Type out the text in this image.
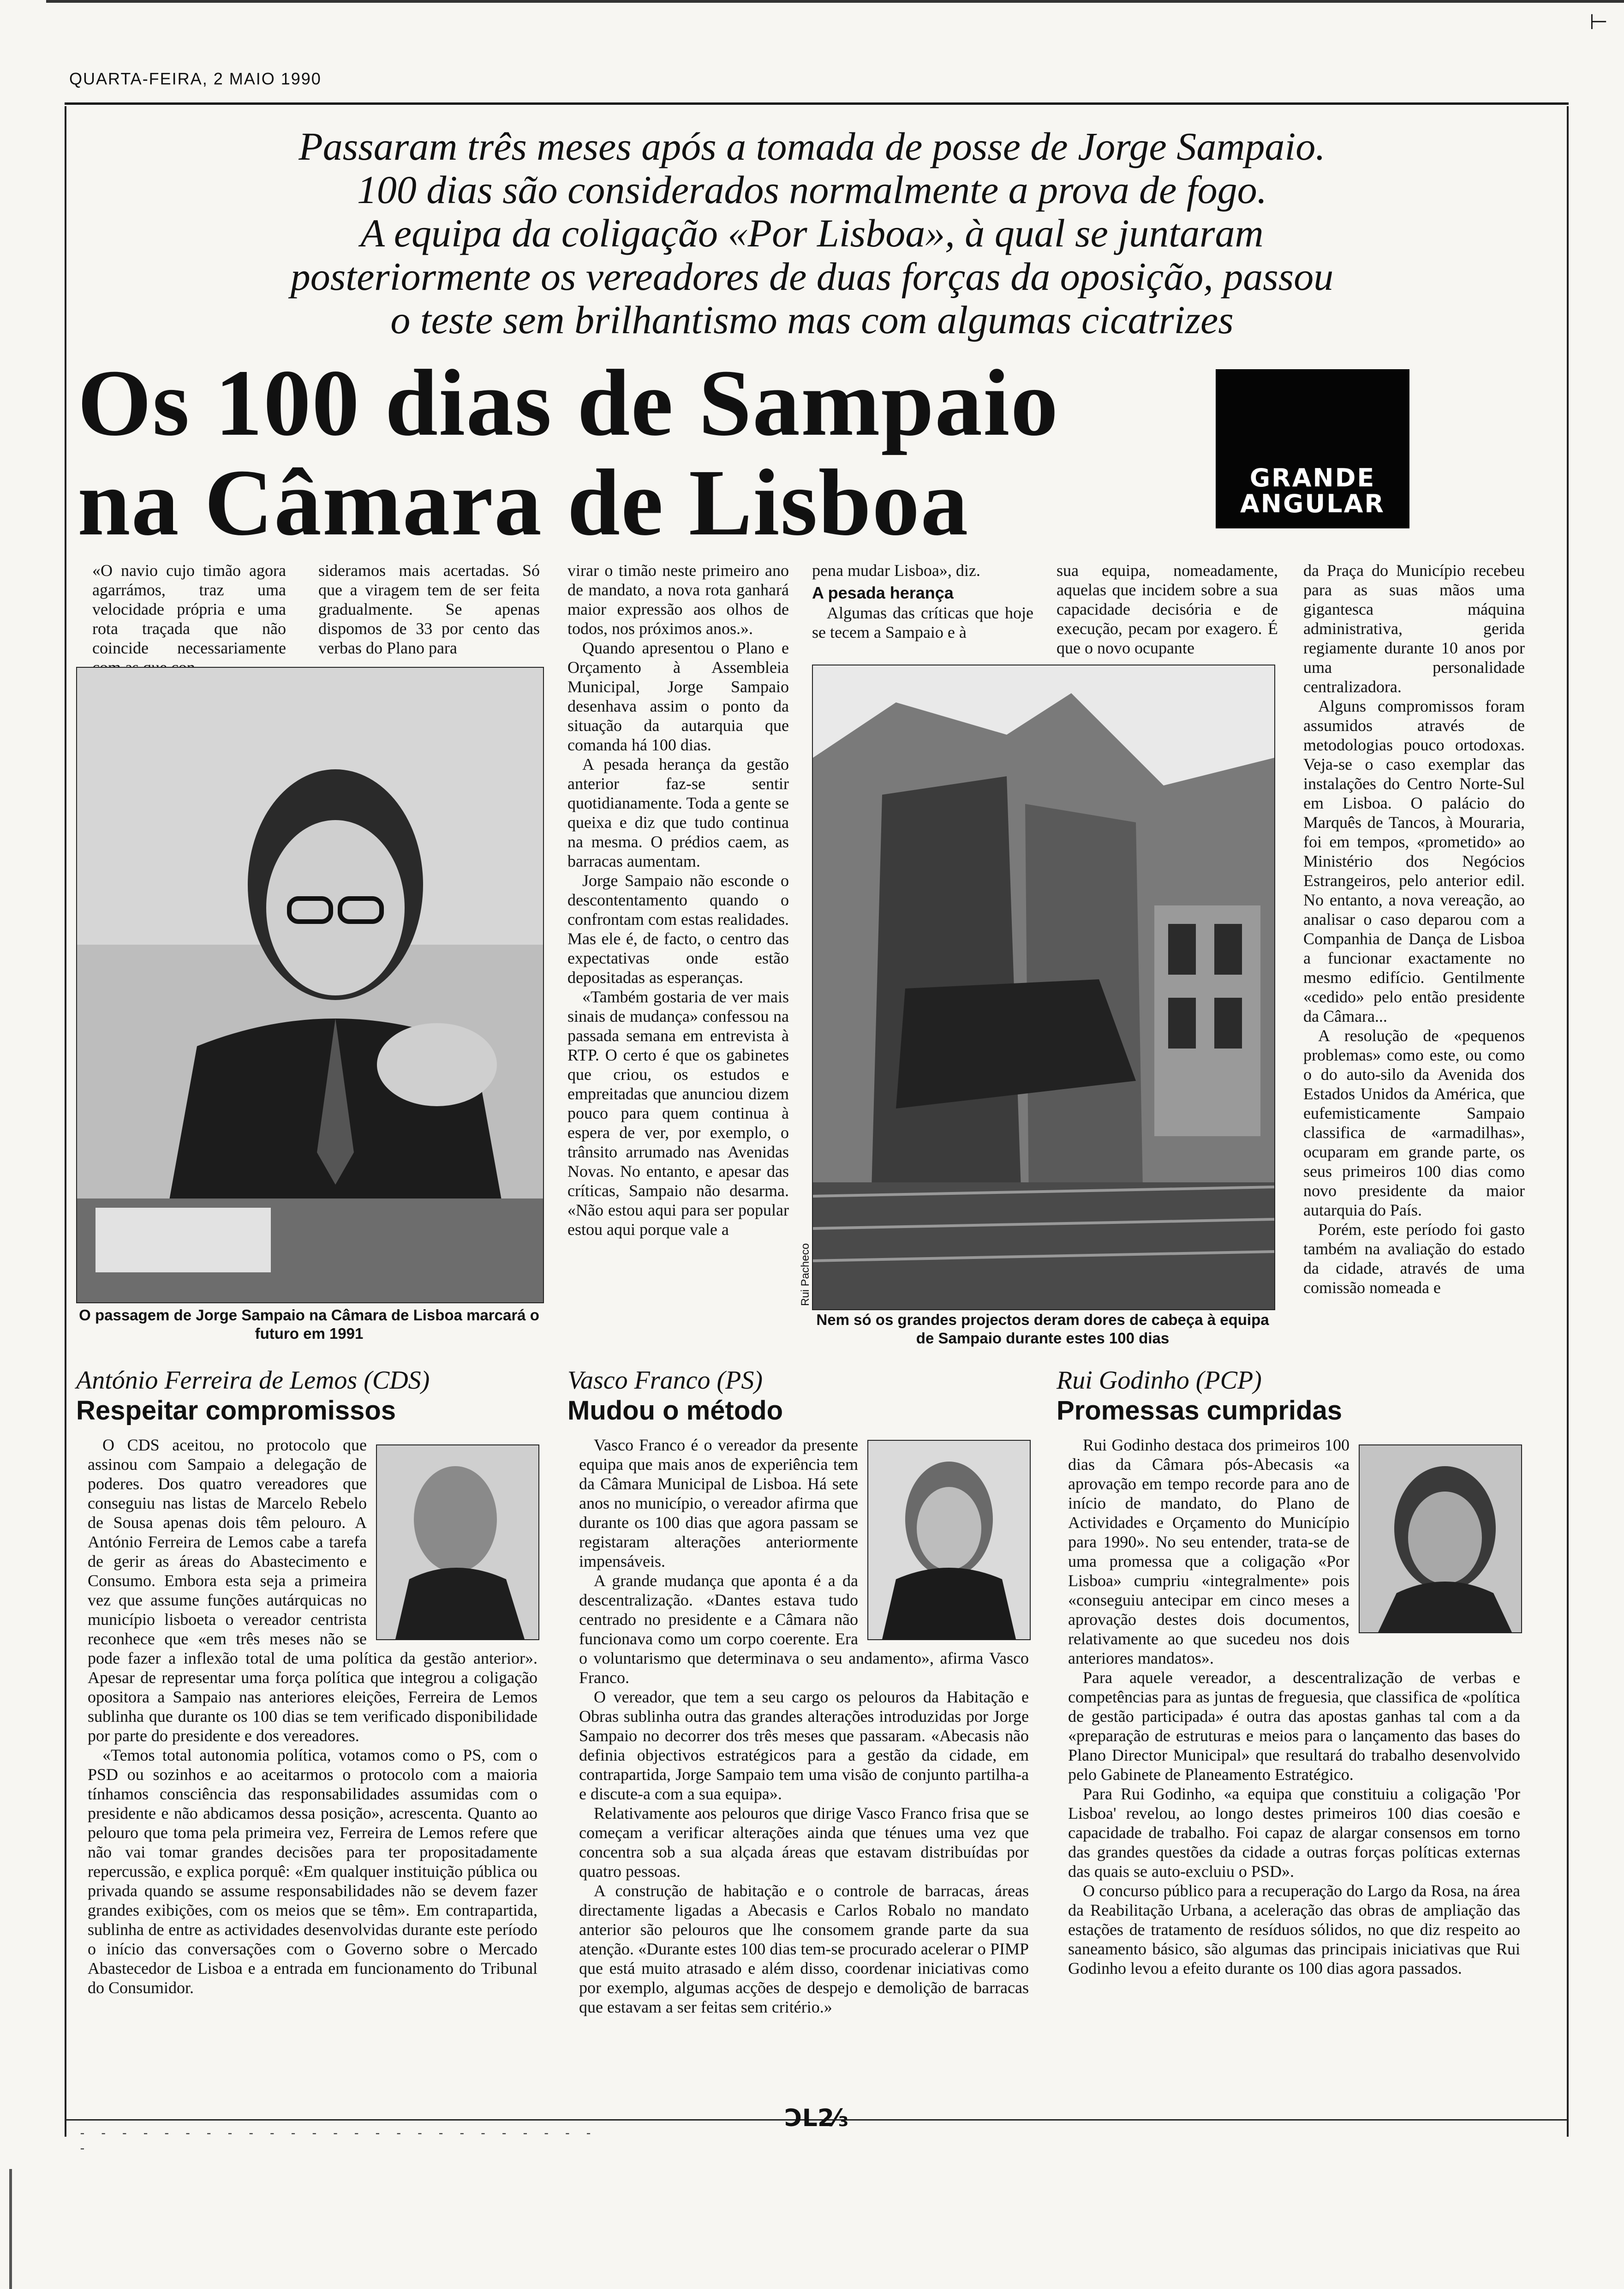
⊢
QUARTA-FEIRA, 2 MAIO 1990
Passaram três meses após a tomada de posse de Jorge Sampaio.
100 dias são considerados normalmente a prova de fogo.
A equipa da coligação «Por Lisboa», à qual se juntaram
posteriormente os vereadores de duas forças da oposição, passou
o teste sem brilhantismo mas com algumas cicatrizes
Os 100 dias de Sampaio
na Câmara de Lisboa	GRANDE
ANGULAR

«O navio cujo timão agora agarrámos, traz uma velocidade própria e uma rota traçada que não coincide necessariamente

sideramos mais acertadas. Só que a viragem tem de ser feita gradualmente. Se apenas dispomos de 33 por cento das verbas do Plano para

O passagem de Jorge Sampaio na Câmara de Lisboa marcará o futuro em 1991

virar o timão neste primeiro ano de mandato, a nova rota ganhará maior expressão aos olhos de todos, nos próximos anos.».

Quando apresentou o Plano e Orçamento à Assembleia Municipal, Jorge Sampaio desenhava assim o ponto da situação da autarquia que comanda há 100 dias.

A pesada herança da gestão anterior faz-se sentir quotidianamente. Toda a gente se queixa e diz que tudo continua na mesma. O prédios caem, as barracas aumentam.

Jorge Sampaio não esconde o descontentamento quando o confrontam com estas realidades. Mas ele é, de facto, o centro das expectativas onde estão depositadas as esperanças.

«Também gostaria de ver mais sinais de mudança» confessou na passada semana em entrevista à RTP. O certo é que os gabinetes que criou, os estudos e empreitadas que anunciou dizem pouco para quem continua à espera de ver, por exemplo, o trânsito arrumado nas Avenidas Novas. No entanto, e apesar das críticas, Sampaio não desarma. «Não estou aqui para ser popular estou aqui porque vale a

pena mudar Lisboa», diz.

A pesada herança

Algumas das críticas que hoje se tecem a Sampaio e à

sua equipa, nomeadamente, aquelas que incidem sobre a sua capacidade decisória e de execução, pecam por exagero. É que o novo ocupante

Rui Pacheco
Nem só os grandes projectos deram dores de cabeça à equipa de Sampaio durante estes 100 dias

da Praça do Município recebeu para as suas mãos uma gigantesca máquina administrativa, gerida regiamente durante 10 anos por uma personalidade centralizadora.

Alguns compromissos foram assumidos através de metodologias pouco ortodoxas. Veja-se o caso exemplar das instalações do Centro Norte-Sul em Lisboa. O palácio do Marquês de Tancos, à Mouraria, foi em tempos, «prometido» ao Ministério dos Negócios Estrangeiros, pelo anterior edil. No entanto, a nova vereação, ao analisar o caso deparou com a Companhia de Dança de Lisboa a funcionar exactamente no mesmo edifício. Gentilmente «cedido» pelo então presidente da Câmara...

A resolução de «pequenos problemas» como este, ou como o do auto-silo da Avenida dos Estados Unidos da América, que eufemisticamente Sampaio classifica de «armadilhas», ocuparam em grande parte, os seus primeiros 100 dias como novo presidente da maior autarquia do País.

Porém, este período foi gasto também na avaliação do estado da cidade, através de uma comissão nomeada e

António Ferreira de Lemos (CDS)
Respeitar compromissos

O CDS aceitou, no protocolo que assinou com Sampaio a delegação de poderes. Dos quatro vereadores que conseguiu nas listas de Marcelo Rebelo de Sousa apenas dois têm pelouro. A António Ferreira de Lemos cabe a tarefa de gerir as áreas do Abastecimento e Consumo. Embora esta seja a primeira vez que assume funções autárquicas no município lisboeta o vereador centrista reconhece que «em três meses não se pode fazer a inflexão total de uma política da gestão anterior». Apesar de representar uma força política que integrou a coligação opositora a Sampaio nas anteriores eleições, Ferreira de Lemos sublinha que durante os 100 dias se tem verificado disponibilidade por parte do presidente e dos vereadores.

«Temos total autonomia política, votamos como o PS, com o PSD ou sozinhos e ao aceitarmos o protocolo com a maioria tínhamos consciência das responsabilidades assumidas com o presidente e não abdicamos dessa posição», acrescenta. Quanto ao pelouro que toma pela primeira vez, Ferreira de Lemos refere que não vai tomar grandes decisões para ter propositadamente repercussão, e explica porquê: «Em qualquer instituição pública ou privada quando se assume responsabilidades não se devem fazer grandes exibições, com os meios que se têm». Em contrapartida, sublinha de entre as actividades desenvolvidas durante este período o início das conversações com o Governo sobre o Mercado Abastecedor de Lisboa e a entrada em funcionamento do Tribunal do Consumidor.

Vasco Franco (PS)
Mudou o método

Vasco Franco é o vereador da presente equipa que mais anos de experiência tem da Câmara Municipal de Lisboa. Há sete anos no município, o vereador afirma que durante os 100 dias que agora passam se registaram alterações anteriormente impensáveis.

A grande mudança que aponta é a da descentralização. «Dantes estava tudo centrado no presidente e a Câmara não funcionava como um corpo coerente. Era o voluntarismo que determinava o seu andamento», afirma Vasco Franco.

O vereador, que tem a seu cargo os pelouros da Habitação e Obras sublinha outra das grandes alterações introduzidas por Jorge Sampaio no decorrer dos três meses que passaram. «Abecasis não definia objectivos estratégicos para a gestão da cidade, em contrapartida, Jorge Sampaio tem uma visão de conjunto partilha-a e discute-a com a sua equipa».

Relativamente aos pelouros que dirige Vasco Franco frisa que se começam a verificar alterações ainda que ténues uma vez que concentra sob a sua alçada áreas que estavam distribuídas por quatro pessoas.

A construção de habitação e o controle de barracas, áreas directamente ligadas a Abecasis e Carlos Robalo no mandato anterior são pelouros que lhe consomem grande parte da sua atenção. «Durante estes 100 dias tem-se procurado acelerar o PIMP que está muito atrasado e além disso, coordenar iniciativas como por exemplo, algumas acções de despejo e demolição de barracas que estavam a ser feitas sem critério.»

Rui Godinho (PCP)
Promessas cumpridas

Rui Godinho destaca dos primeiros 100 dias da Câmara pós-Abecasis «a aprovação em tempo recorde para ano de início de mandato, do Plano de Actividades e Orçamento do Município para 1990». No seu entender, trata-se de uma promessa que a coligação «Por Lisboa» cumpriu «integralmente» pois «conseguiu antecipar em cinco meses a aprovação destes dois documentos, relativamente ao que sucedeu nos dois anteriores mandatos».

Para aquele vereador, a descentralização de verbas e competências para as juntas de freguesia, que classifica de «política de gestão participada» é outra das apostas ganhas tal com a da «preparação de estruturas e meios para o lançamento das bases do Plano Director Municipal» que resultará do trabalho desenvolvido pelo Gabinete de Planeamento Estratégico.

Para Rui Godinho, «a equipa que constituiu a coligação 'Por Lisboa' revelou, ao longo destes primeiros 100 dias coesão e capacidade de trabalho. Foi capaz de alargar consensos em torno das grandes questões da cidade a outras forças políticas externas das quais se auto-excluiu o PSD».

O concurso público para a recuperação do Largo da Rosa, na área da Reabilitação Urbana, a aceleração das obras de ampliação das estações de tratamento de resíduos sólidos, no que diz respeito ao saneamento básico, são algumas das principais iniciativas que Rui Godinho levou a efeito durante os 100 dias agora passados.

- - - - - - - - - - - - - - - - - - - - - - - - - -
ƆL2⁄₃
